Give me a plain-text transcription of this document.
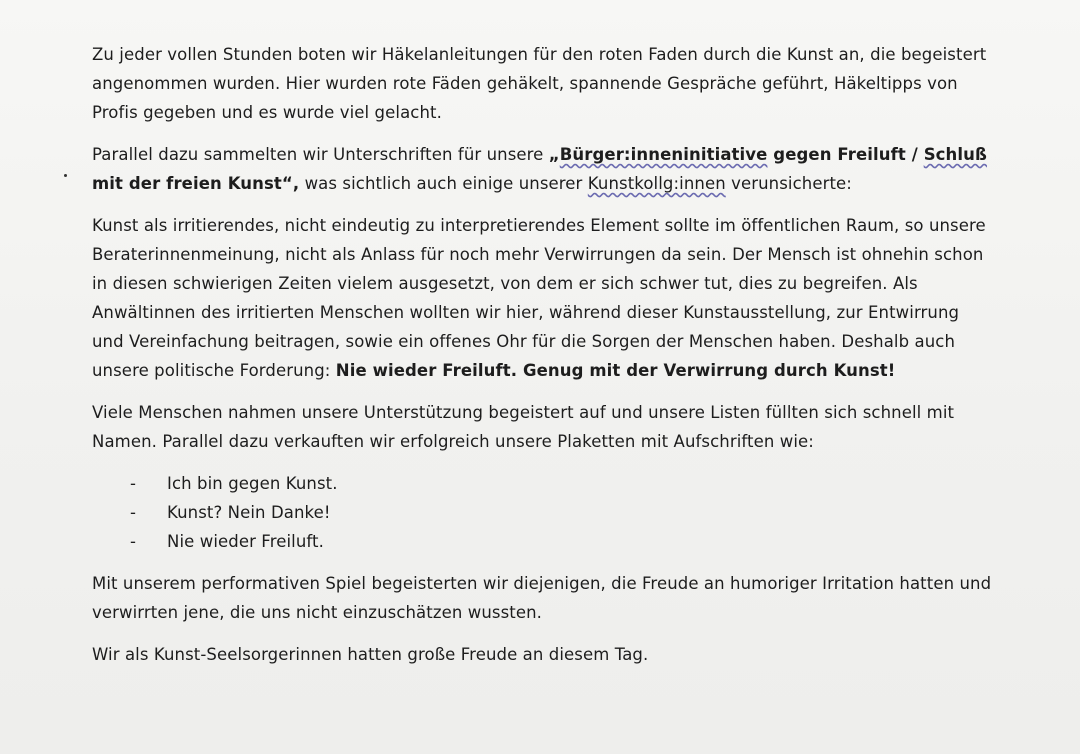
Zu jeder vollen Stunden boten wir Häkelanleitungen für den roten Faden durch die Kunst an, die begeistert angenommen wurden. Hier wurden rote Fäden gehäkelt, spannende Gespräche geführt, Häkeltipps von Profis gegeben und es wurde viel gelacht.

Parallel dazu sammelten wir Unterschriften für unsere „Bürger:inneninitiative gegen Freiluft / Schluß mit der freien Kunst“, was sichtlich auch einige unserer Kunstkollg:innen verunsicherte:

Kunst als irritierendes, nicht eindeutig zu interpretierendes Element sollte im öffentlichen Raum, so unsere Beraterinnenmeinung, nicht als Anlass für noch mehr Verwirrungen da sein. Der Mensch ist ohnehin schon in diesen schwierigen Zeiten vielem ausgesetzt, von dem er sich schwer tut, dies zu begreifen. Als Anwältinnen des irritierten Menschen wollten wir hier, während dieser Kunstausstellung, zur Entwirrung und Vereinfachung beitragen, sowie ein offenes Ohr für die Sorgen der Menschen haben. Deshalb auch unsere politische Forderung: Nie wieder Freiluft. Genug mit der Verwirrung durch Kunst!

Viele Menschen nahmen unsere Unterstützung begeistert auf und unsere Listen füllten sich schnell mit Namen. Parallel dazu verkauften wir erfolgreich unsere Plaketten mit Aufschriften wie:

- Ich bin gegen Kunst.
- Kunst? Nein Danke!
- Nie wieder Freiluft.

Mit unserem performativen Spiel begeisterten wir diejenigen, die Freude an humoriger Irritation hatten und verwirrten jene, die uns nicht einzuschätzen wussten.

Wir als Kunst-Seelsorgerinnen hatten große Freude an diesem Tag.
